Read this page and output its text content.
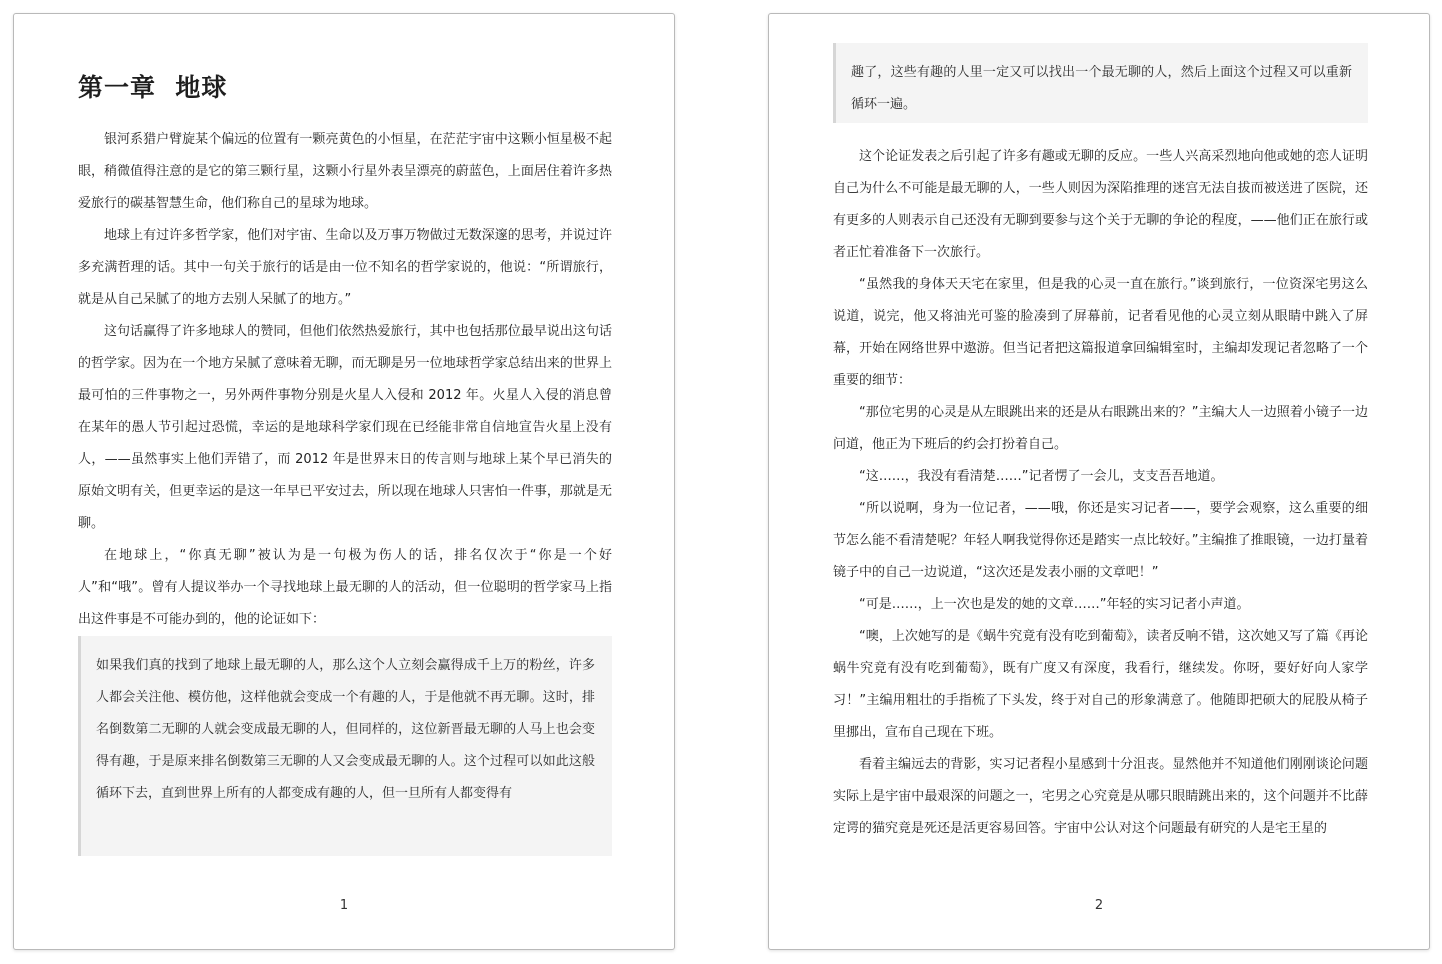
第一章  地球

银河系猎户臂旋某个偏远的位置有一颗亮黄色的小恒星，在茫茫宇宙中这颗小恒星极不起眼，稍微值得注意的是它的第三颗行星，这颗小行星外表呈漂亮的蔚蓝色，上面居住着许多热爱旅行的碳基智慧生命，他们称自己的星球为地球。

地球上有过许多哲学家，他们对宇宙、生命以及万事万物做过无数深邃的思考，并说过许多充满哲理的话。其中一句关于旅行的话是由一位不知名的哲学家说的，他说：“所谓旅行，就是从自己呆腻了的地方去别人呆腻了的地方。”

这句话赢得了许多地球人的赞同，但他们依然热爱旅行，其中也包括那位最早说出这句话的哲学家。因为在一个地方呆腻了意味着无聊，而无聊是另一位地球哲学家总结出来的世界上最可怕的三件事物之一，另外两件事物分别是火星人入侵和 2012 年。火星人入侵的消息曾在某年的愚人节引起过恐慌，幸运的是地球科学家们现在已经能非常自信地宣告火星上没有人，——虽然事实上他们弄错了，而 2012 年是世界末日的传言则与地球上某个早已消失的原始文明有关，但更幸运的是这一年早已平安过去，所以现在地球人只害怕一件事，那就是无聊。

在地球上，“你真无聊”被认为是一句极为伤人的话，排名仅次于“你是一个好人”和“哦”。曾有人提议举办一个寻找地球上最无聊的人的活动，但一位聪明的哲学家马上指出这件事是不可能办到的，他的论证如下：

如果我们真的找到了地球上最无聊的人，那么这个人立刻会赢得成千上万的粉丝，许多人都会关注他、模仿他，这样他就会变成一个有趣的人，于是他就不再无聊。这时，排名倒数第二无聊的人就会变成最无聊的人，但同样的，这位新晋最无聊的人马上也会变得有趣，于是原来排名倒数第三无聊的人又会变成最无聊的人。这个过程可以如此这般循环下去，直到世界上所有的人都变成有趣的人，但一旦所有人都变得有

1

趣了，这些有趣的人里一定又可以找出一个最无聊的人，然后上面这个过程又可以重新循环一遍。

这个论证发表之后引起了许多有趣或无聊的反应。一些人兴高采烈地向他或她的恋人证明自己为什么不可能是最无聊的人，一些人则因为深陷推理的迷宫无法自拔而被送进了医院，还有更多的人则表示自己还没有无聊到要参与这个关于无聊的争论的程度，——他们正在旅行或者正忙着准备下一次旅行。

“虽然我的身体天天宅在家里，但是我的心灵一直在旅行。”谈到旅行，一位资深宅男这么说道，说完，他又将油光可鉴的脸凑到了屏幕前，记者看见他的心灵立刻从眼睛中跳入了屏幕，开始在网络世界中遨游。但当记者把这篇报道拿回编辑室时，主编却发现记者忽略了一个重要的细节：

“那位宅男的心灵是从左眼跳出来的还是从右眼跳出来的？”主编大人一边照着小镜子一边问道，他正为下班后的约会打扮着自己。

“这……，我没有看清楚……”记者愣了一会儿，支支吾吾地道。

“所以说啊，身为一位记者，——哦，你还是实习记者——，要学会观察，这么重要的细节怎么能不看清楚呢？年轻人啊我觉得你还是踏实一点比较好。”主编推了推眼镜，一边打量着镜子中的自己一边说道，“这次还是发表小丽的文章吧！”

“可是……，上一次也是发的她的文章……”年轻的实习记者小声道。

“噢，上次她写的是《蜗牛究竟有没有吃到葡萄》，读者反响不错，这次她又写了篇《再论蜗牛究竟有没有吃到葡萄》，既有广度又有深度，我看行，继续发。你呀，要好好向人家学习！”主编用粗壮的手指梳了下头发，终于对自己的形象满意了。他随即把硕大的屁股从椅子里挪出，宣布自己现在下班。

看着主编远去的背影，实习记者程小星感到十分沮丧。显然他并不知道他们刚刚谈论问题实际上是宇宙中最艰深的问题之一，宅男之心究竟是从哪只眼睛跳出来的，这个问题并不比薛定谔的猫究竟是死还是活更容易回答。宇宙中公认对这个问题最有研究的人是宅王星的

2
